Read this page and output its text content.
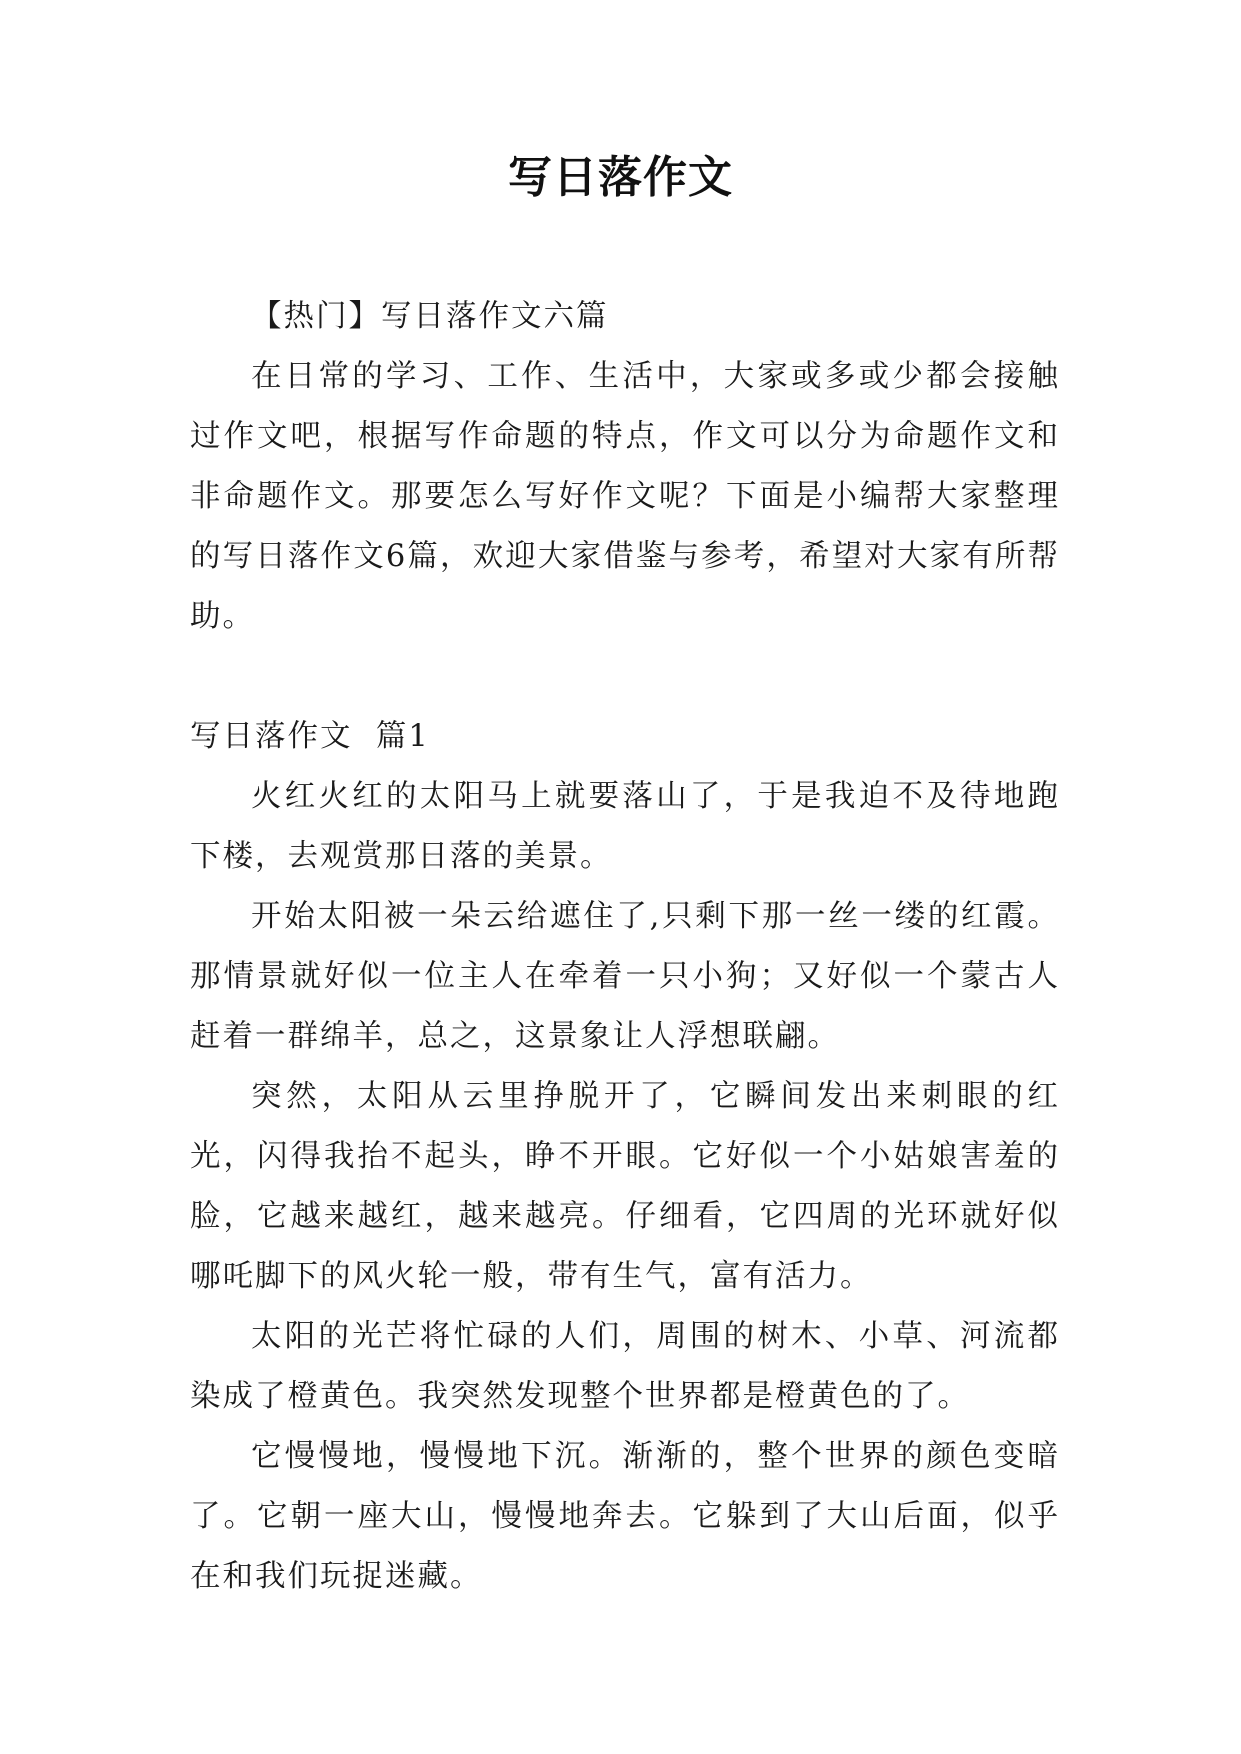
写日落作文

【热门】写日落作文六篇

在日常的学习、工作、生活中，大家或多或少都会接触过作文吧，根据写作命题的特点，作文可以分为命题作文和非命题作文。那要怎么写好作文呢？下面是小编帮大家整理的写日落作文6篇，欢迎大家借鉴与参考，希望对大家有所帮助。

写日落作文  篇1

火红火红的太阳马上就要落山了，于是我迫不及待地跑下楼，去观赏那日落的美景。

开始太阳被一朵云给遮住了,只剩下那一丝一缕的红霞。那情景就好似一位主人在牵着一只小狗；又好似一个蒙古人赶着一群绵羊，总之，这景象让人浮想联翩。

突然，太阳从云里挣脱开了，它瞬间发出来刺眼的红光，闪得我抬不起头，睁不开眼。它好似一个小姑娘害羞的脸，它越来越红，越来越亮。仔细看，它四周的光环就好似哪吒脚下的风火轮一般，带有生气，富有活力。

太阳的光芒将忙碌的人们，周围的树木、小草、河流都染成了橙黄色。我突然发现整个世界都是橙黄色的了。

它慢慢地，慢慢地下沉。渐渐的，整个世界的颜色变暗了。它朝一座大山，慢慢地奔去。它躲到了大山后面，似乎在和我们玩捉迷藏。
